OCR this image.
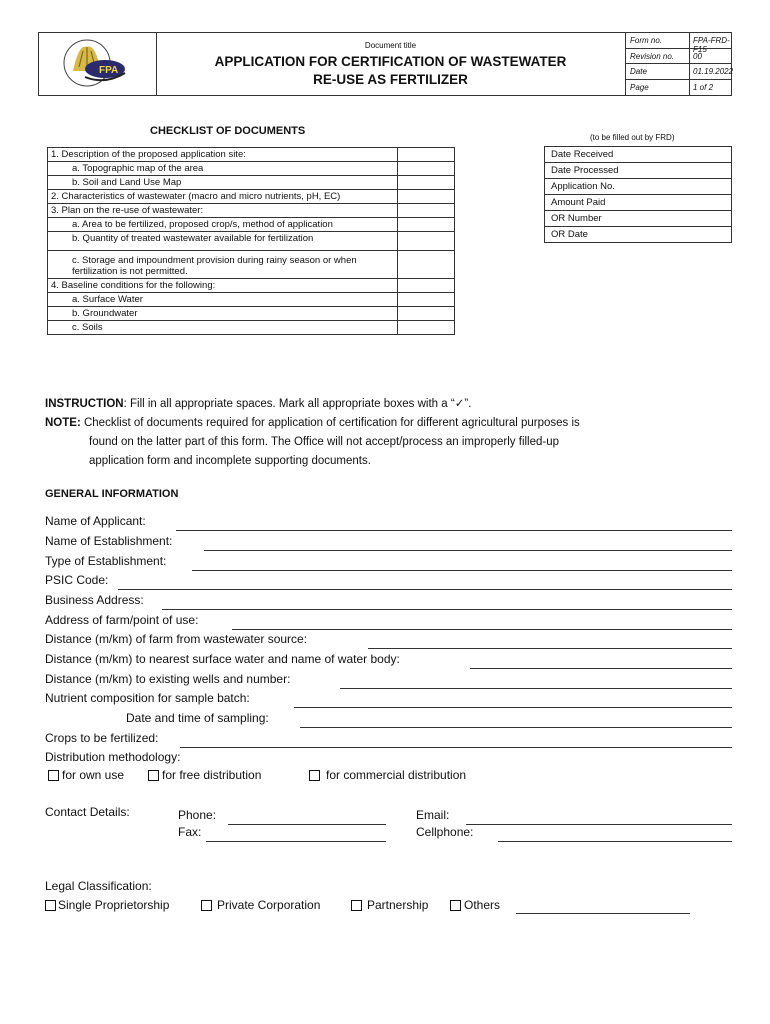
FPA
Document title
APPLICATION FOR CERTIFICATION OF WASTEWATER
RE-USE AS FERTILIZER
Form no.	FPA-FRD-F15
Revision no. 00
Date	01.19.2022
Page	1 of 2
CHECKLIST OF DOCUMENTS
1. Description of the proposed application site:	
a. Topographic map of the area	
b. Soil and Land Use Map	
2. Characteristics of wastewater (macro and micro nutrients, pH, EC)	
3. Plan on the re-use of wastewater:	
a. Area to be fertilized, proposed crop/s, method of application	
b. Quantity of treated wastewater available for fertilization	
c. Storage and impoundment provision during rainy season or when fertilization is not permitted.	
4. Baseline conditions for the following:	
a. Surface Water	
b. Groundwater	
c. Soils	
(to be filled out by FRD)
Date Received
Date Processed
Application No.
Amount Paid
OR Number
OR Date
INSTRUCTION: Fill in all appropriate spaces. Mark all appropriate boxes with a “✓”.
NOTE: Checklist of documents required for application of certification for different agricultural purposes is
found on the latter part of this form. The Office will not accept/process an improperly filled-up
application form and incomplete supporting documents.
GENERAL INFORMATION
Name of Applicant:
Name of Establishment:
Type of Establishment:
PSIC Code:
Business Address:
Address of farm/point of use:
Distance (m/km) of farm from wastewater source:
Distance (m/km) to nearest surface water and name of water body:
Distance (m/km) to existing wells and number:
Nutrient composition for sample batch:
Date and time of sampling:
Crops to be fertilized:
Distribution methodology:
for own use	for free distribution	for commercial distribution
Contact Details:	Phone:
Fax:
Email:
Cellphone:
Legal Classification:
Single Proprietorship	Private Corporation	Partnership	Others
